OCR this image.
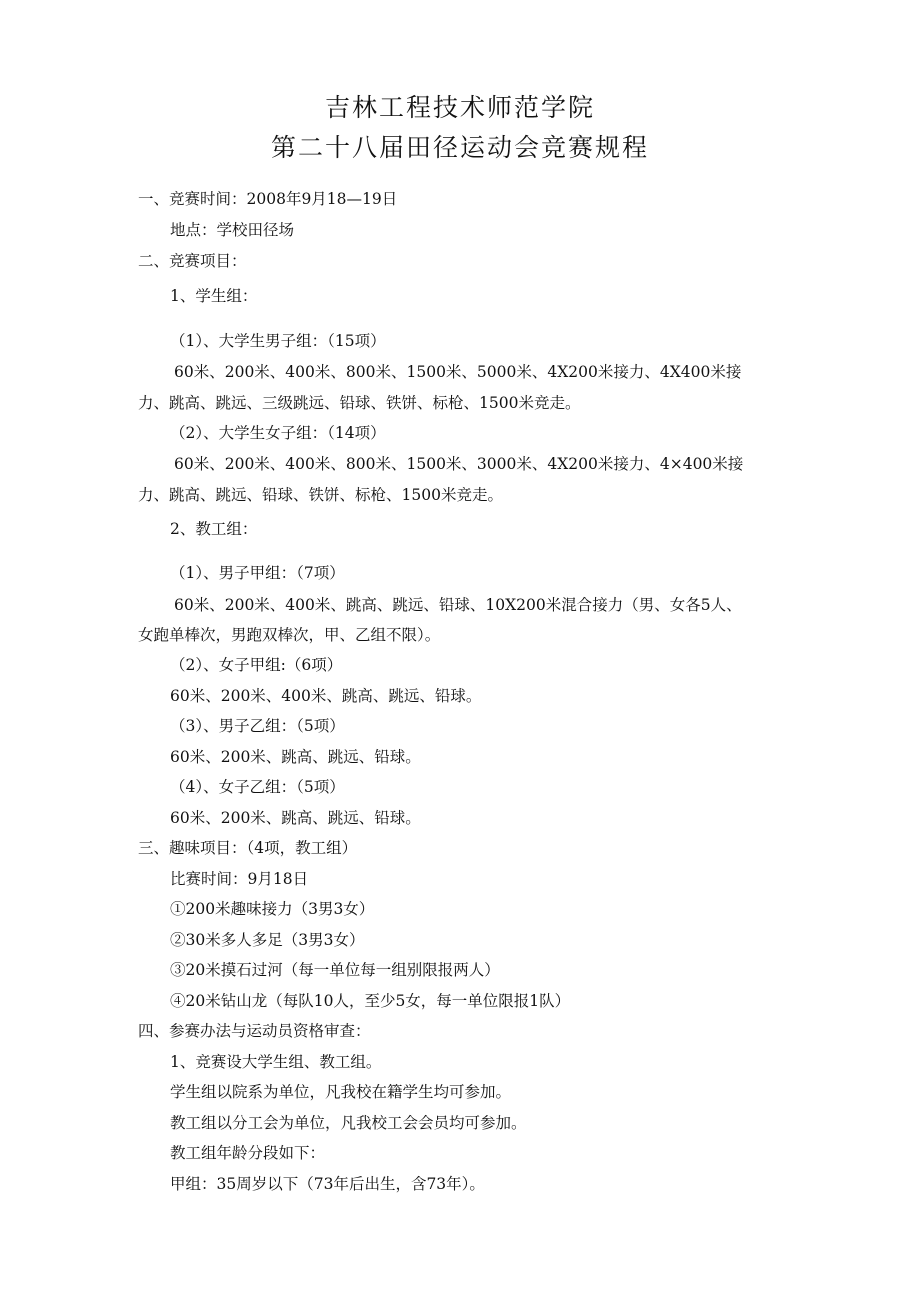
吉林工程技术师范学院
第二十八届田径运动会竞赛规程
一、竞赛时间：2008年9月18—19日
地点：学校田径场
二、竞赛项目：
1、学生组：
（1）、大学生男子组：（15项）
60米、200米、400米、800米、1500米、5000米、4X200米接力、4X400米接
力、跳高、跳远、三级跳远、铅球、铁饼、标枪、1500米竞走。
（2）、大学生女子组：（14项）
60米、200米、400米、800米、1500米、3000米、4X200米接力、4×400米接
力、跳高、跳远、铅球、铁饼、标枪、1500米竞走。
2、教工组：
（1）、男子甲组：（7项）
60米、200米、400米、跳高、跳远、铅球、10X200米混合接力（男、女各5人、
女跑单棒次，男跑双棒次，甲、乙组不限）。
（2）、女子甲组:（6项）
60米、200米、400米、跳高、跳远、铅球。
（3）、男子乙组：（5项）
60米、200米、跳高、跳远、铅球。
（4）、女子乙组：（5项）
60米、200米、跳高、跳远、铅球。
三、趣味项目：（4项，教工组）
比赛时间：9月18日
①200米趣味接力（3男3女）
②30米多人多足（3男3女）
③20米摸石过河（每一单位每一组别限报两人）
④20米钻山龙（每队10人，至少5女，每一单位限报1队）
四、参赛办法与运动员资格审查：
1、竞赛设大学生组、教工组。
学生组以院系为单位，凡我校在籍学生均可参加。
教工组以分工会为单位，凡我校工会会员均可参加。
教工组年龄分段如下：
甲组：35周岁以下（73年后出生，含73年）。
